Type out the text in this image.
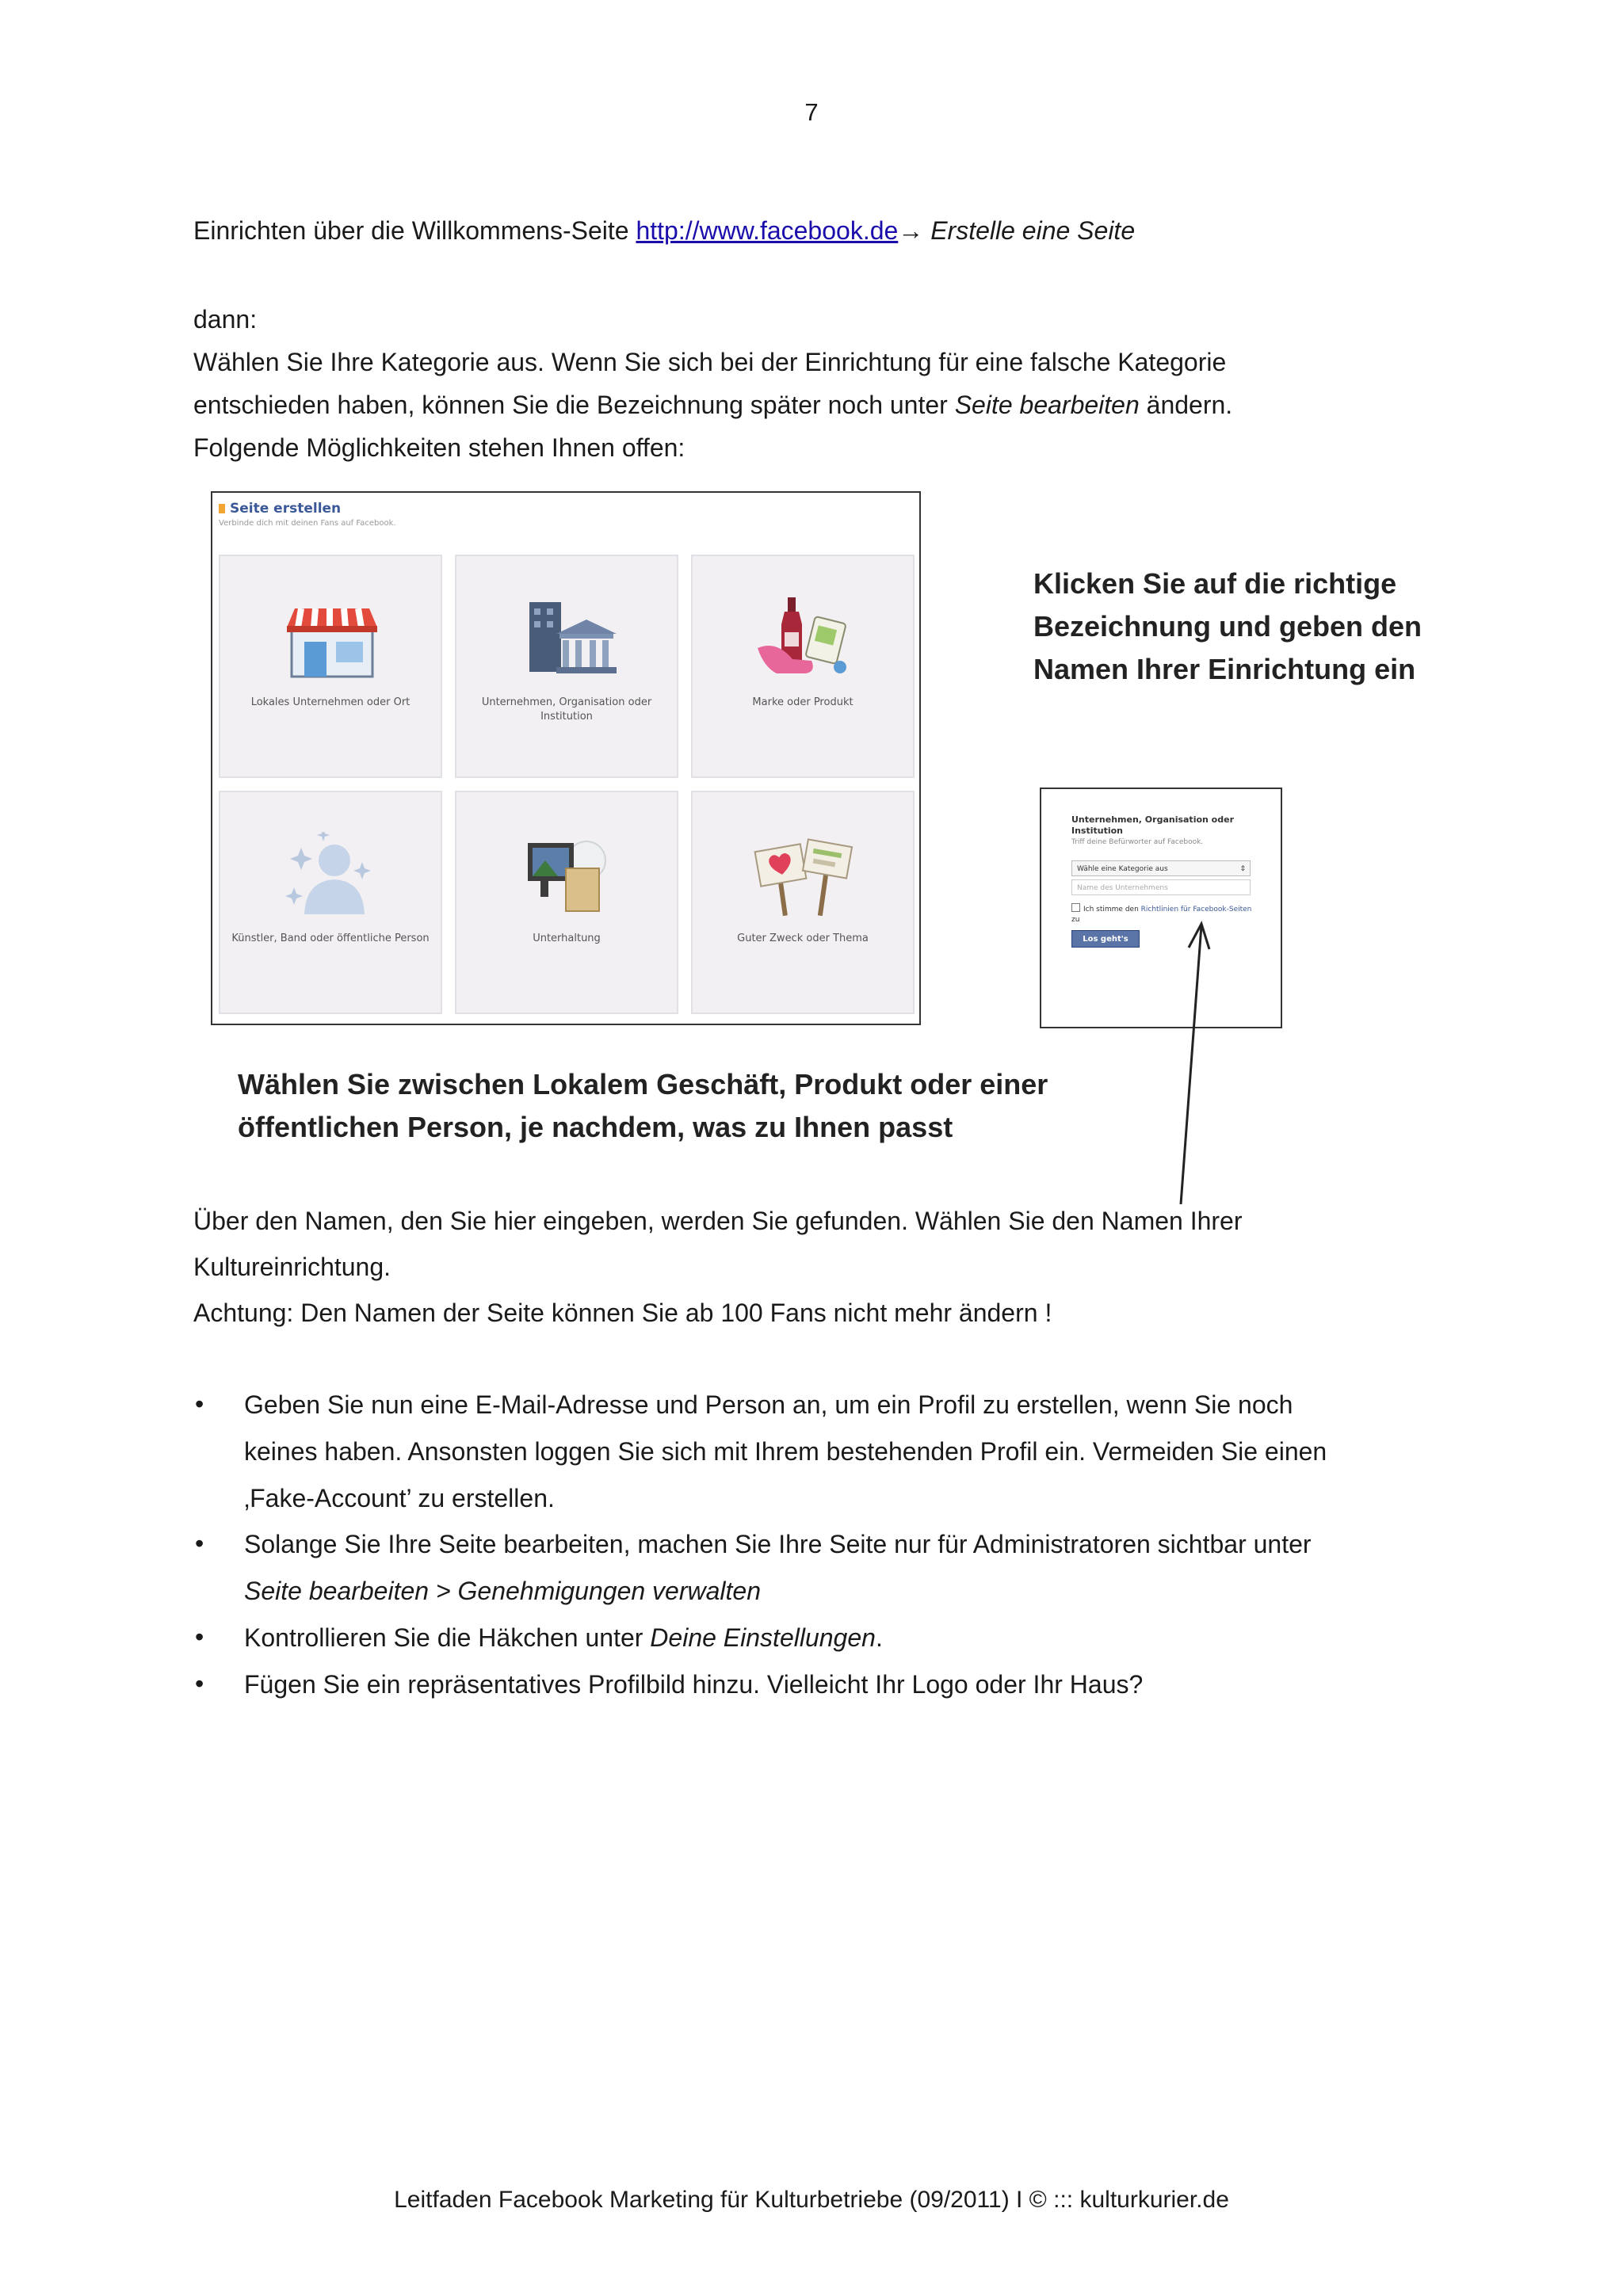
7
Einrichten über die Willkommens-Seite http://www.facebook.de→ Erstelle eine Seite
dann:
Wählen Sie Ihre Kategorie aus. Wenn Sie sich bei der Einrichtung für eine falsche Kategorie
entschieden haben, können Sie die Bezeichnung später noch unter Seite bearbeiten ändern.
Folgende Möglichkeiten stehen Ihnen offen:
Seite erstellen
Verbinde dich mit deinen Fans auf Facebook.
Lokales Unternehmen oder Ort	Unternehmen, Organisation oder Institution
Marke oder Produkt
Künstler, Band oder öffentliche Person	Unterhaltung	Guter Zweck oder Thema
Klicken Sie auf die richtige
Bezeichnung und geben den
Namen Ihrer Einrichtung ein
Unternehmen, Organisation oder Institution
Triff deine Befürworter auf Facebook.
Wähle eine Kategorie aus	⇕
Name des Unternehmens
Ich stimme den Richtlinien für Facebook-Seiten zu
Los geht's
Wählen Sie zwischen Lokalem Geschäft, Produkt oder einer
öffentlichen Person, je nachdem, was zu Ihnen passt
Über den Namen, den Sie hier eingeben, werden Sie gefunden. Wählen Sie den Namen Ihrer
Kultureinrichtung.
Achtung: Den Namen der Seite können Sie ab 100 Fans nicht mehr ändern !
• Geben Sie nun eine E-Mail-Adresse und Person an, um ein Profil zu erstellen, wenn Sie noch
keines haben. Ansonsten loggen Sie sich mit Ihrem bestehenden Profil ein. Vermeiden Sie einen
‚Fake-Account’ zu erstellen.
• Solange Sie Ihre Seite bearbeiten, machen Sie Ihre Seite nur für Administratoren sichtbar unter
Seite bearbeiten > Genehmigungen verwalten
• Kontrollieren Sie die Häkchen unter Deine Einstellungen.
• Fügen Sie ein repräsentatives Profilbild hinzu. Vielleicht Ihr Logo oder Ihr Haus?
Leitfaden Facebook Marketing für Kulturbetriebe (09/2011) I © ::: kulturkurier.de
